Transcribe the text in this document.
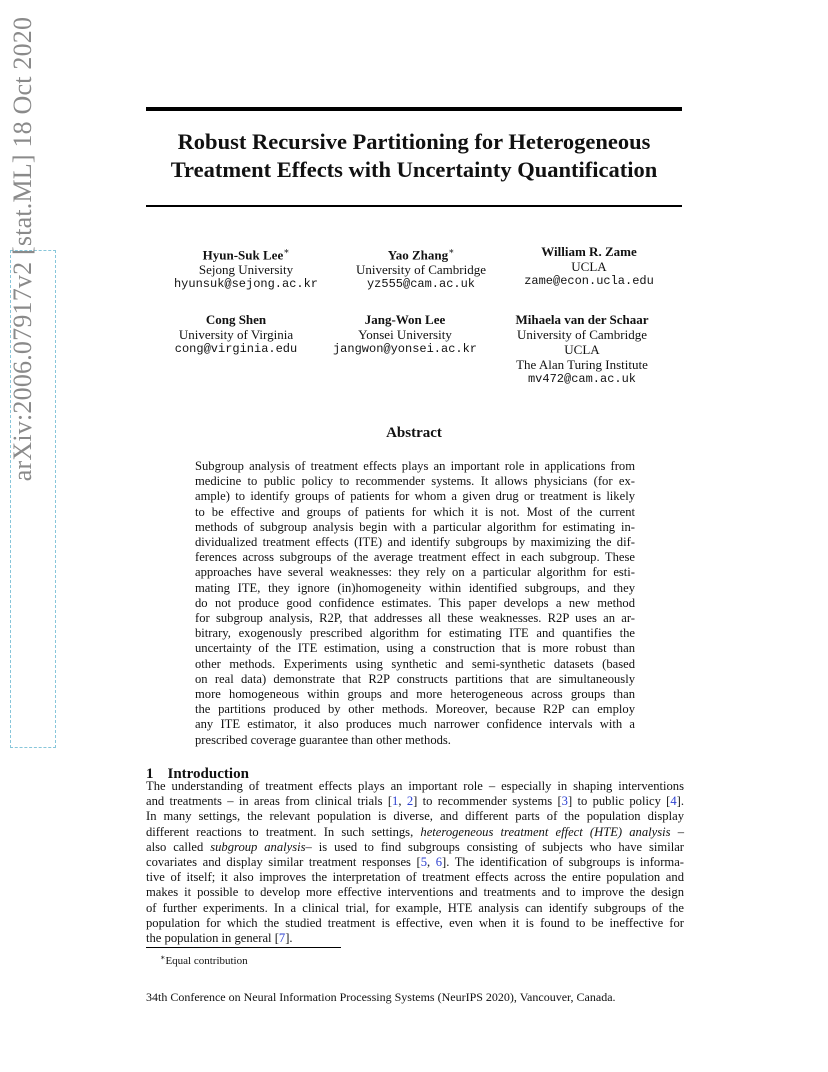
arXiv:2006.07917v2 [stat.ML] 18 Oct 2020	Robust Recursive Partitioning for Heterogeneous
Treatment Effects with Uncertainty Quantification
Hyun-Suk Lee∗
Sejong University
hyunsuk@sejong.ac.kr
Yao Zhang∗
University of Cambridge
yz555@cam.ac.uk
William R. Zame
UCLA
zame@econ.ucla.edu
Cong Shen
University of Virginia
cong@virginia.edu
Jang-Won Lee
Yonsei University
jangwon@yonsei.ac.kr
Mihaela van der Schaar
University of Cambridge
UCLA
The Alan Turing Institute
mv472@cam.ac.uk
Abstract
Subgroup analysis of treatment effects plays an important role in applications from
medicine to public policy to recommender systems. It allows physicians (for ex-
ample) to identify groups of patients for whom a given drug or treatment is likely
to be effective and groups of patients for which it is not. Most of the current
methods of subgroup analysis begin with a particular algorithm for estimating in-
dividualized treatment effects (ITE) and identify subgroups by maximizing the dif-
ferences across subgroups of the average treatment effect in each subgroup. These
approaches have several weaknesses: they rely on a particular algorithm for esti-
mating ITE, they ignore (in)homogeneity within identified subgroups, and they
do not produce good confidence estimates. This paper develops a new method
for subgroup analysis, R2P, that addresses all these weaknesses. R2P uses an ar-
bitrary, exogenously prescribed algorithm for estimating ITE and quantifies the
uncertainty of the ITE estimation, using a construction that is more robust than
other methods. Experiments using synthetic and semi-synthetic datasets (based
on real data) demonstrate that R2P constructs partitions that are simultaneously
more homogeneous within groups and more heterogeneous across groups than
the partitions produced by other methods. Moreover, because R2P can employ
any ITE estimator, it also produces much narrower confidence intervals with a
prescribed coverage guarantee than other methods.
1 Introduction
The understanding of treatment effects plays an important role – especially in shaping interventions
and treatments – in areas from clinical trials [1, 2] to recommender systems [3] to public policy [4].
In many settings, the relevant population is diverse, and different parts of the population display
different reactions to treatment. In such settings, heterogeneous treatment effect (HTE) analysis –
also called subgroup analysis– is used to find subgroups consisting of subjects who have similar
covariates and display similar treatment responses [5, 6]. The identification of subgroups is informa-
tive of itself; it also improves the interpretation of treatment effects across the entire population and
makes it possible to develop more effective interventions and treatments and to improve the design
of further experiments. In a clinical trial, for example, HTE analysis can identify subgroups of the
population for which the studied treatment is effective, even when it is found to be ineffective for
the population in general [7].
∗Equal contribution
34th Conference on Neural Information Processing Systems (NeurIPS 2020), Vancouver, Canada.
